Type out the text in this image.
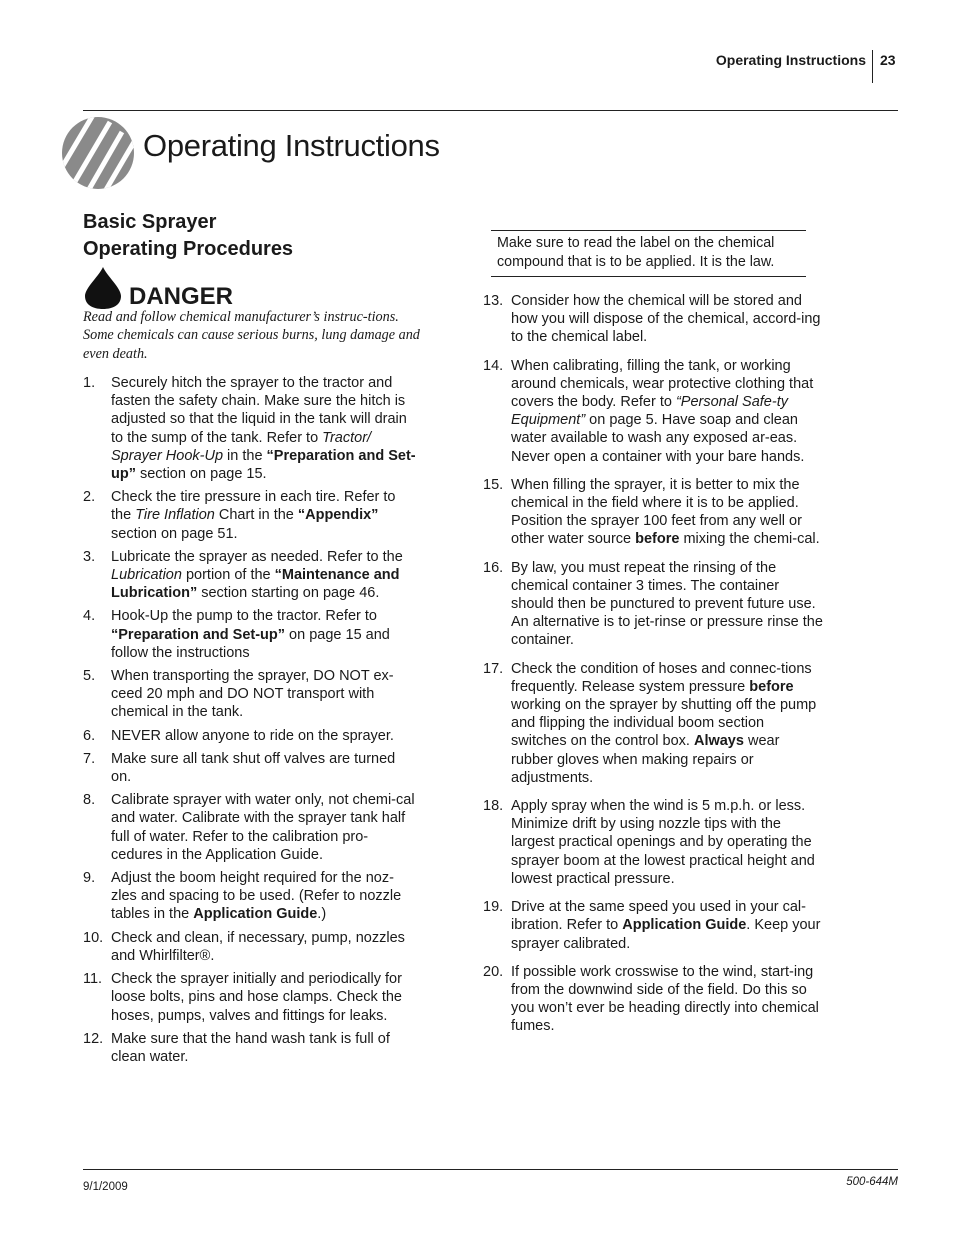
Operating Instructions 23
Operating Instructions
Basic Sprayer
Operating Procedures
DANGER
Read and follow chemical manufacturer’s instruc-tions. Some chemicals can cause serious burns, lung damage and even death.
Make sure to read the label on the chemical compound that is to be applied. It is the law.
1.	Securely hitch the sprayer to the tractor and fasten the safety chain. Make sure the hitch is adjusted so that the liquid in the tank will drain to the sump of the tank. Refer to Tractor/ Sprayer Hook-Up in the “Preparation and Set-up” section on page 15.
2.	Check the tire pressure in each tire. Refer to the Tire Inflation Chart in the “Appendix” section on page 51.
3.	Lubricate the sprayer as needed. Refer to the Lubrication portion of the “Maintenance and Lubrication” section starting on page 46.
4.	Hook-Up the pump to the tractor. Refer to “Preparation and Set-up” on page 15 and follow the instructions
5.	When transporting the sprayer, DO NOT ex-ceed 20 mph and DO NOT transport with chemical in the tank.
6.	NEVER allow anyone to ride on the sprayer.
7.	Make sure all tank shut off valves are turned on.
8.	Calibrate sprayer with water only, not chemi-cal and water. Calibrate with the sprayer tank half full of water. Refer to the calibration pro-cedures in the Application Guide.
9.	Adjust the boom height required for the noz-zles and spacing to be used. (Refer to nozzle tables in the Application Guide.)
10. Check and clean, if necessary, pump, nozzles and Whirlfilter®.
11. Check the sprayer initially and periodically for loose bolts, pins and hose clamps. Check the hoses, pumps, valves and fittings for leaks.
12. Make sure that the hand wash tank is full of clean water.
13. Consider how the chemical will be stored and how you will dispose of the chemical, accord-ing to the chemical label.
14. When calibrating, filling the tank, or working around chemicals, wear protective clothing that covers the body. Refer to “Personal Safe-ty Equipment” on page 5. Have soap and clean water available to wash any exposed ar-eas. Never open a container with your bare hands.
15. When filling the sprayer, it is better to mix the chemical in the field where it is to be applied. Position the sprayer 100 feet from any well or other water source before mixing the chemi-cal.
16. By law, you must repeat the rinsing of the chemical container 3 times. The container should then be punctured to prevent future use. An alternative is to jet-rinse or pressure rinse the container.
17. Check the condition of hoses and connec-tions frequently. Release system pressure before working on the sprayer by shutting off the pump and flipping the individual boom section switches on the control box. Always wear rubber gloves when making repairs or adjustments.
18. Apply spray when the wind is 5 m.p.h. or less. Minimize drift by using nozzle tips with the largest practical openings and by operating the sprayer boom at the lowest practical height and lowest practical pressure.
19. Drive at the same speed you used in your cal-ibration. Refer to Application Guide. Keep your sprayer calibrated.
20. If possible work crosswise to the wind, start-ing from the downwind side of the field. Do this so you won’t ever be heading directly into chemical fumes.
9/1/2009	500-644M
